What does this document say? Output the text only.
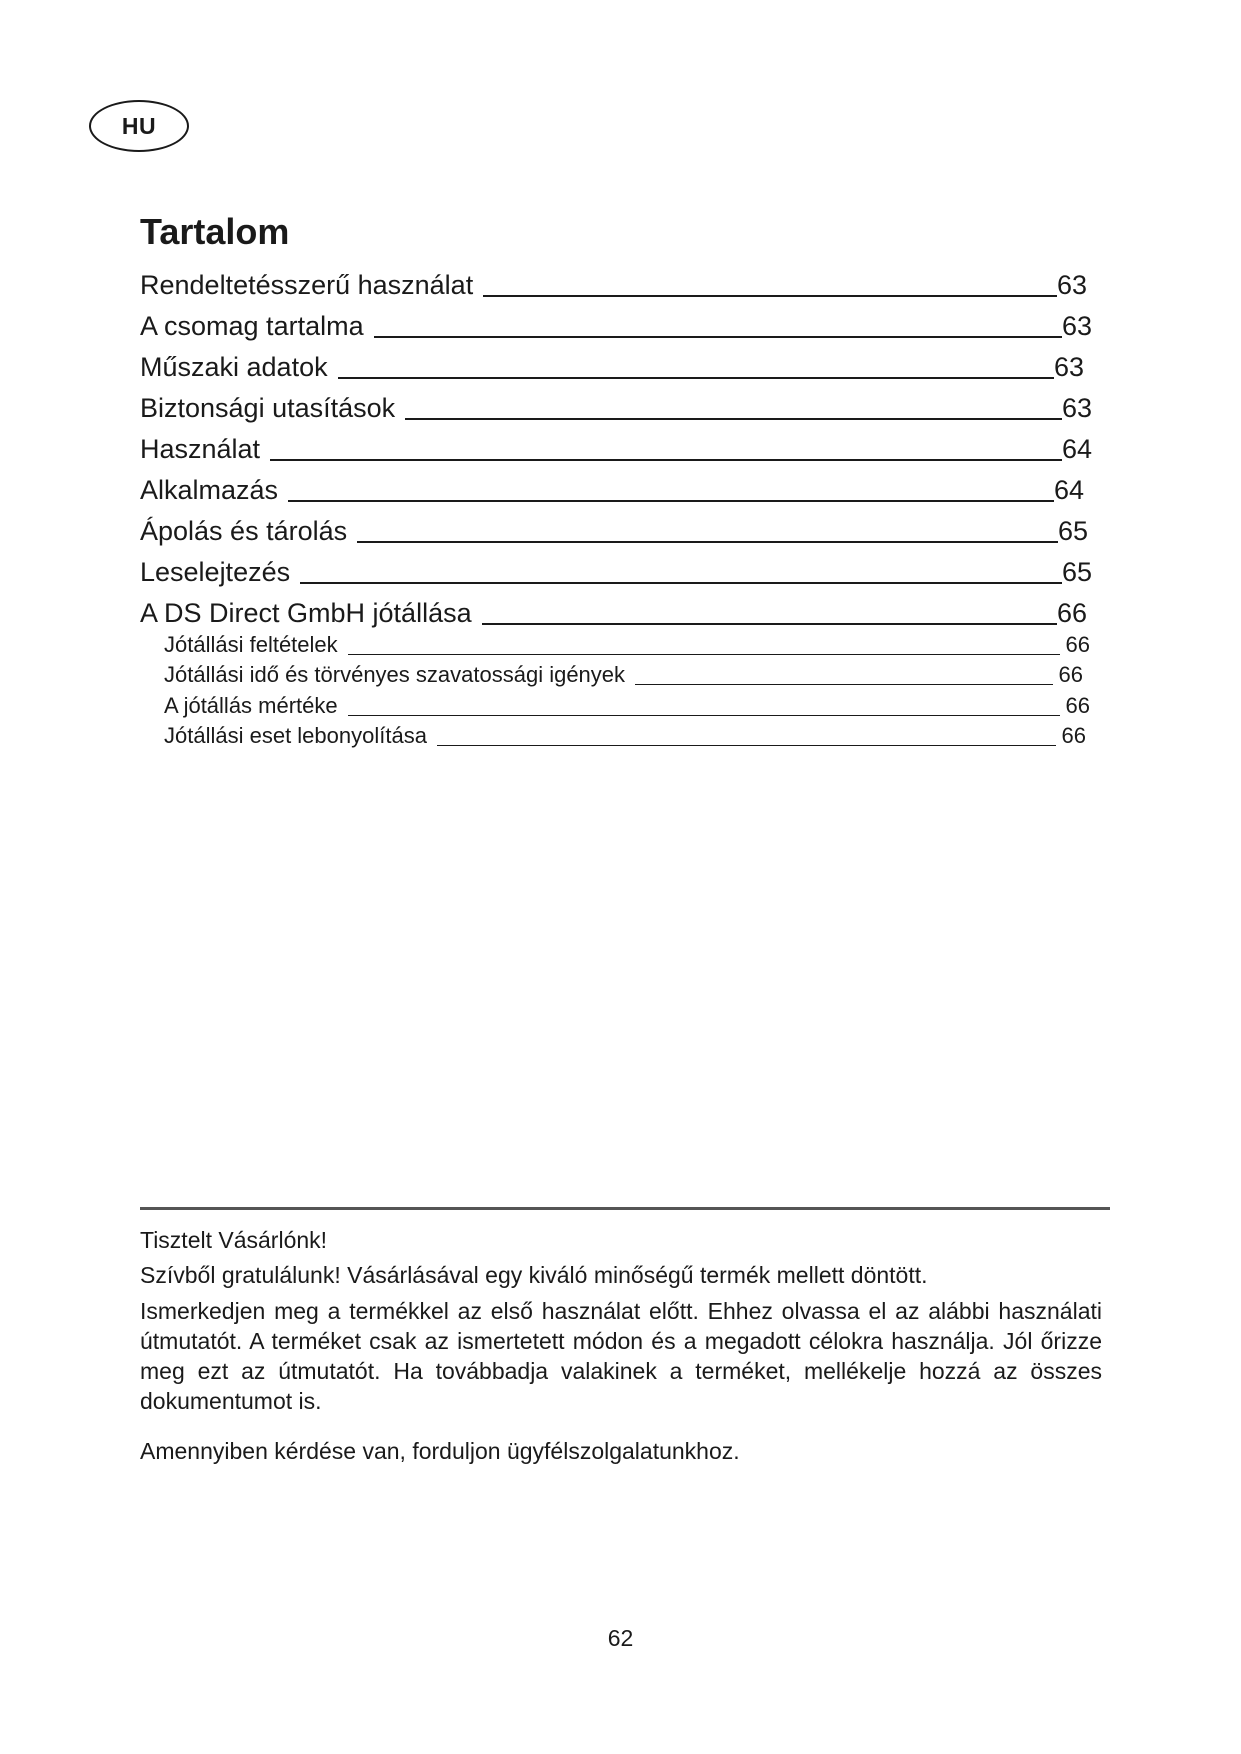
HU
Tartalom
Rendeltetésszerű használat	63
A csomag tartalma	63
Műszaki adatok	63
Biztonsági utasítások	63
Használat	64
Alkalmazás	64
Ápolás és tárolás	65
Leselejtezés	65
A DS Direct GmbH jótállása	66
Jótállási feltételek	66
Jótállási idő és törvényes szavatossági igények	66
A jótállás mértéke	66
Jótállási eset lebonyolítása	66

Tisztelt Vásárlónk!

Szívből gratulálunk! Vásárlásával egy kiváló minőségű termék mellett döntött.

Ismerkedjen meg a termékkel az első használat előtt. Ehhez olvassa el az alábbi használati útmutatót. A terméket csak az ismertetett módon és a megadott célokra használja. Jól őrizze meg ezt az útmutatót. Ha továbbadja valakinek a terméket, mellékelje hozzá az összes dokumentumot is.

Amennyiben kérdése van, forduljon ügyfélszolgalatunkhoz.

62
